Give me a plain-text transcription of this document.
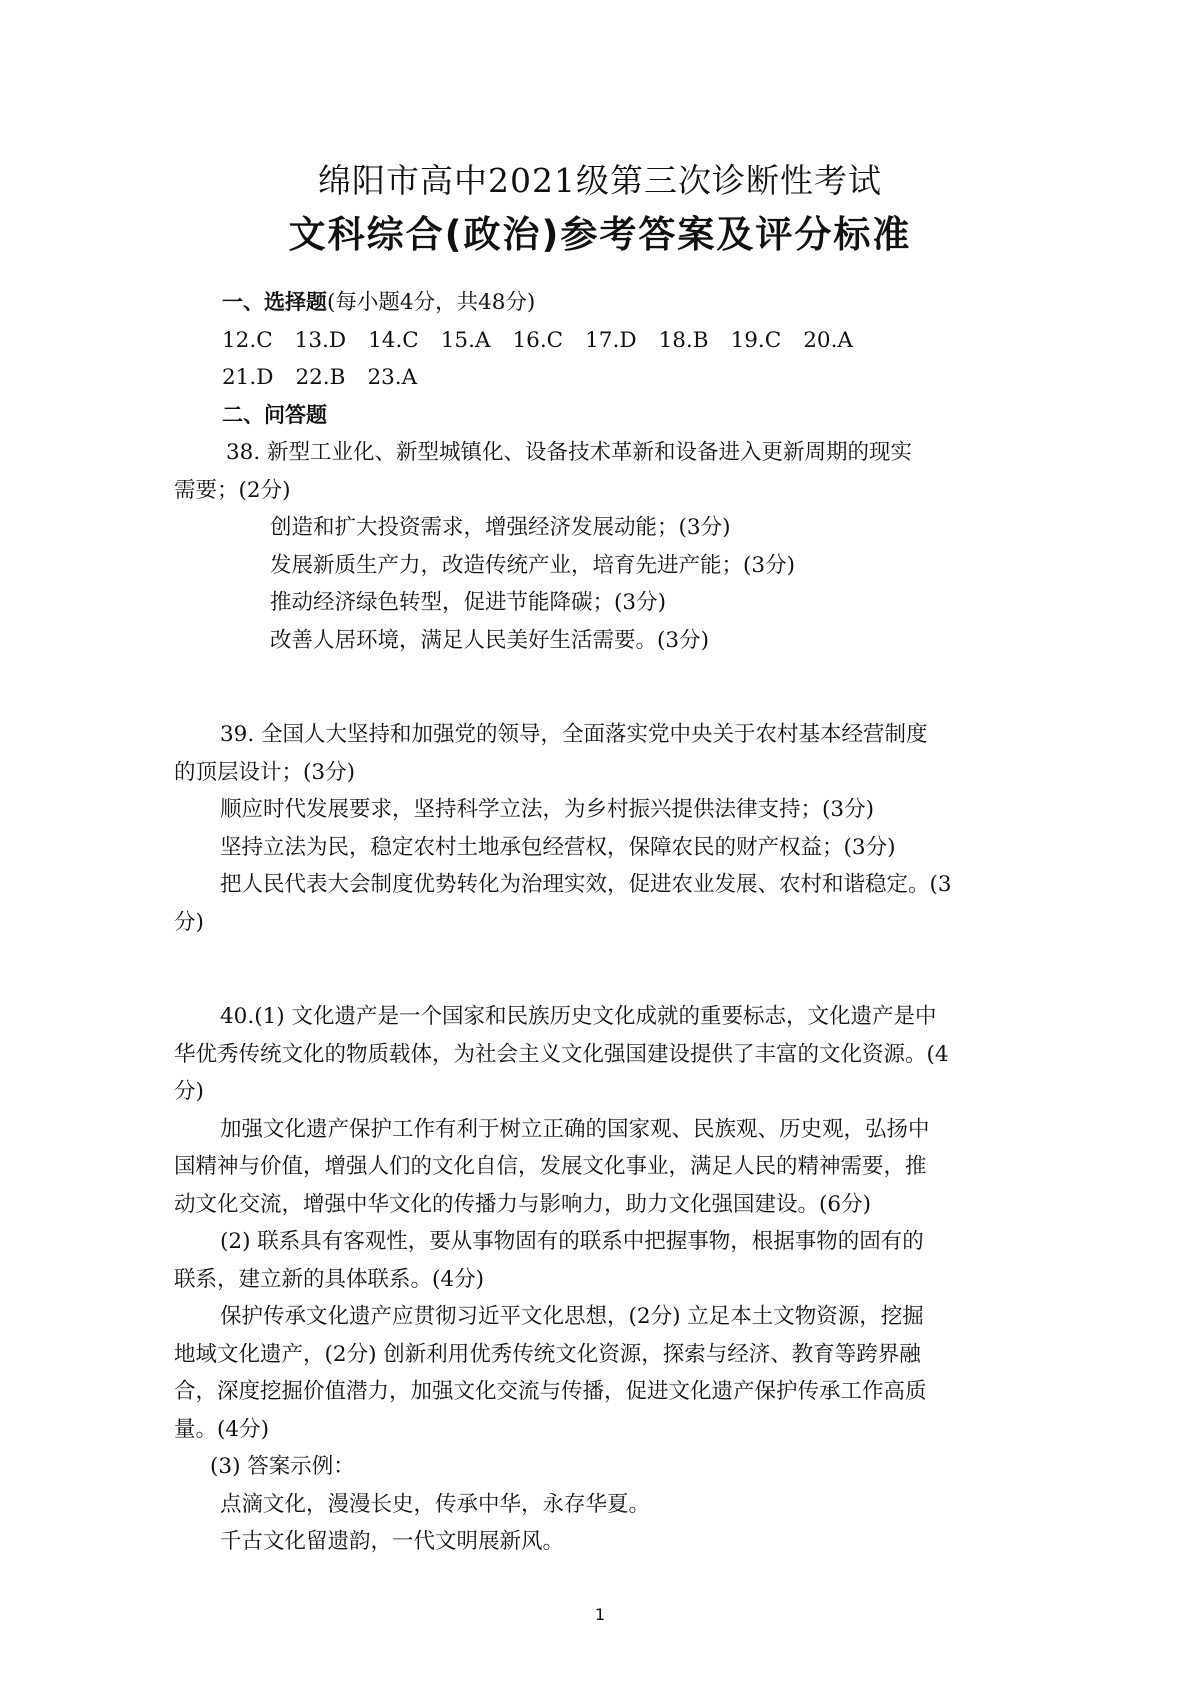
绵阳市高中2021级第三次诊断性考试
文科综合(政治)参考答案及评分标准
一、选择题(每小题4分，共48分)
12.C 13.D 14.C 15.A 16.C 17.D 18.B 19.C 20.A
21.D 22.B 23.A
二、问答题
38. 新型工业化、新型城镇化、设备技术革新和设备进入更新周期的现实
需要；(2分)
创造和扩大投资需求，增强经济发展动能；(3分)
发展新质生产力，改造传统产业，培育先进产能；(3分)
推动经济绿色转型，促进节能降碳；(3分)
改善人居环境，满足人民美好生活需要。(3分)
39. 全国人大坚持和加强党的领导，全面落实党中央关于农村基本经营制度
的顶层设计；(3分)
顺应时代发展要求，坚持科学立法，为乡村振兴提供法律支持；(3分)
坚持立法为民，稳定农村土地承包经营权，保障农民的财产权益；(3分)
把人民代表大会制度优势转化为治理实效，促进农业发展、农村和谐稳定。(3
分)
40.(1) 文化遗产是一个国家和民族历史文化成就的重要标志，文化遗产是中
华优秀传统文化的物质载体，为社会主义文化强国建设提供了丰富的文化资源。(4
分)
加强文化遗产保护工作有利于树立正确的国家观、民族观、历史观，弘扬中
国精神与价值，增强人们的文化自信，发展文化事业，满足人民的精神需要，推
动文化交流，增强中华文化的传播力与影响力，助力文化强国建设。(6分)
(2) 联系具有客观性，要从事物固有的联系中把握事物，根据事物的固有的
联系，建立新的具体联系。(4分)
保护传承文化遗产应贯彻习近平文化思想，(2分) 立足本土文物资源，挖掘
地域文化遗产，(2分) 创新利用优秀传统文化资源，探索与经济、教育等跨界融
合，深度挖掘价值潜力，加强文化交流与传播，促进文化遗产保护传承工作高质
量。(4分)
(3) 答案示例：
点滴文化，漫漫长史，传承中华，永存华夏。
千古文化留遗韵，一代文明展新风。
1
